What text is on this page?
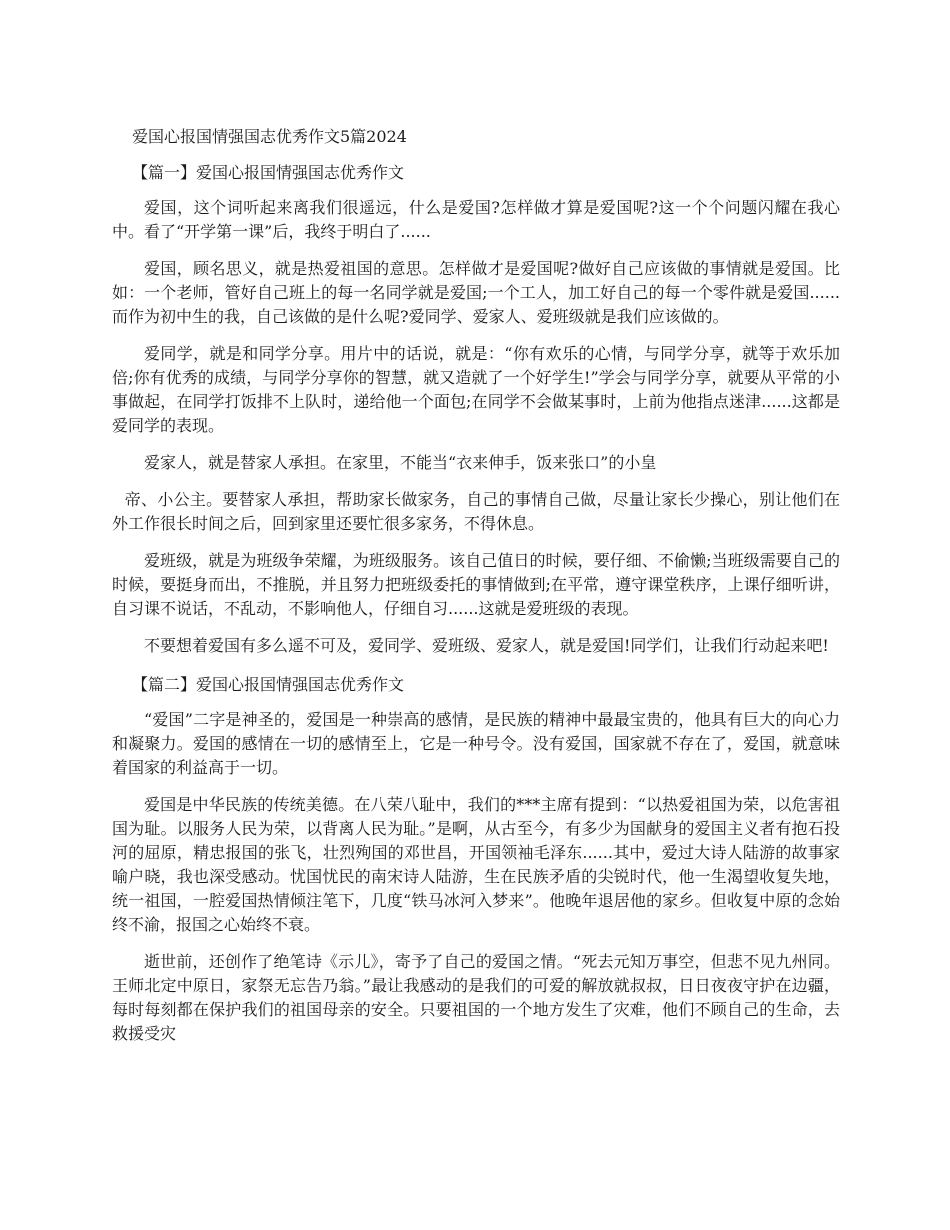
爱国心报国情强国志优秀作文5篇2024
【篇一】爱国心报国情强国志优秀作文

爱国，这个词听起来离我们很遥远，什么是爱国?怎样做才算是爱国呢?这一个个问题闪耀在我心中。看了“开学第一课”后，我终于明白了......

爱国，顾名思义，就是热爱祖国的意思。怎样做才是爱国呢?做好自己应该做的事情就是爱国。比如：一个老师，管好自己班上的每一名同学就是爱国;一个工人，加工好自己的每一个零件就是爱国......而作为初中生的我，自己该做的是什么呢?爱同学、爱家人、爱班级就是我们应该做的。

爱同学，就是和同学分享。用片中的话说，就是：“你有欢乐的心情，与同学分享，就等于欢乐加倍;你有优秀的成绩，与同学分享你的智慧，就又造就了一个好学生!”学会与同学分享，就要从平常的小事做起，在同学打饭排不上队时，递给他一个面包;在同学不会做某事时，上前为他指点迷津......这都是爱同学的表现。

爱家人，就是替家人承担。在家里，不能当“衣来伸手，饭来张口”的小皇

帝、小公主。要替家人承担，帮助家长做家务，自己的事情自己做，尽量让家长少操心，别让他们在外工作很长时间之后，回到家里还要忙很多家务，不得休息。

爱班级，就是为班级争荣耀，为班级服务。该自己值日的时候，要仔细、不偷懒;当班级需要自己的时候，要挺身而出，不推脱，并且努力把班级委托的事情做到;在平常，遵守课堂秩序，上课仔细听讲，自习课不说话，不乱动，不影响他人，仔细自习......这就是爱班级的表现。

不要想着爱国有多么遥不可及，爱同学、爱班级、爱家人，就是爱国!同学们，让我们行动起来吧!

【篇二】爱国心报国情强国志优秀作文

“爱国”二字是神圣的，爱国是一种崇高的感情，是民族的精神中最最宝贵的，他具有巨大的向心力和凝聚力。爱国的感情在一切的感情至上，它是一种号令。没有爱国，国家就不存在了，爱国，就意味着国家的利益高于一切。

爱国是中华民族的传统美德。在八荣八耻中，我们的***主席有提到：“以热爱祖国为荣，以危害祖国为耻。以服务人民为荣，以背离人民为耻。”是啊，从古至今，有多少为国献身的爱国主义者有抱石投河的屈原，精忠报国的张飞，壮烈殉国的邓世昌，开国领袖毛泽东......其中，爱过大诗人陆游的故事家喻户晓，我也深受感动。忧国忧民的南宋诗人陆游，生在民族矛盾的尖锐时代，他一生渴望收复失地，统一祖国，一腔爱国热情倾注笔下，几度“铁马冰河入梦来”。他晚年退居他的家乡。但收复中原的念始终不渝，报国之心始终不衰。

逝世前，还创作了绝笔诗《示儿》，寄予了自己的爱国之情。“死去元知万事空，但悲不见九州同。王师北定中原日，家祭无忘告乃翁。”最让我感动的是我们的可爱的解放就叔叔，日日夜夜守护在边疆，每时每刻都在保护我们的祖国母亲的安全。只要祖国的一个地方发生了灾难，他们不顾自己的生命，去救援受灾
